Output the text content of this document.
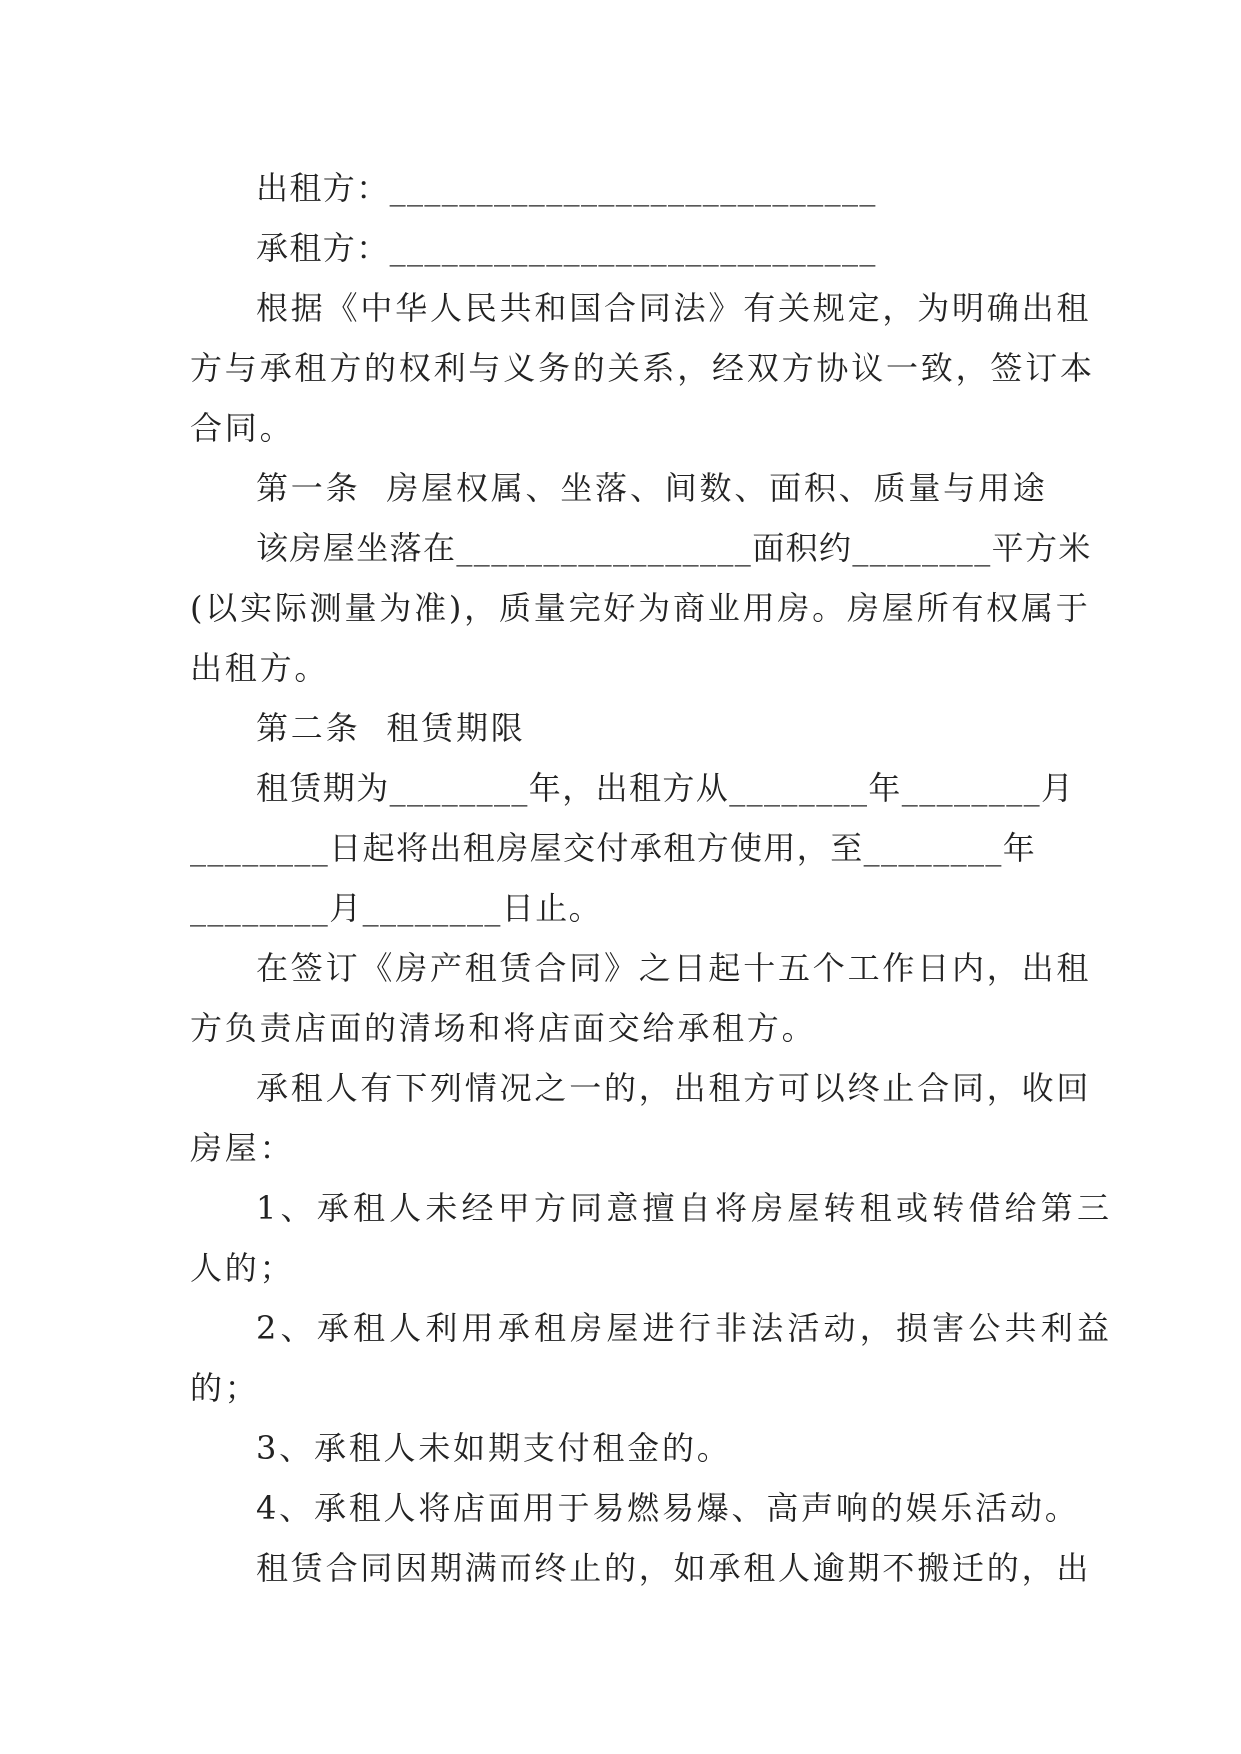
出租方：____________________________
承租方：____________________________
根据《中华人民共和国合同法》有关规定，为明确出租
方与承租方的权利与义务的关系，经双方协议一致，签订本
合同。
第一条  房屋权属、坐落、间数、面积、质量与用途
该房屋坐落在_________________面积约________平方米
(以实际测量为准)，质量完好为商业用房。房屋所有权属于
出租方。
第二条  租赁期限
租赁期为________年，出租方从________年________月
________日起将出租房屋交付承租方使用，至________年
________月________日止。
在签订《房产租赁合同》之日起十五个工作日内，出租
方负责店面的清场和将店面交给承租方。
承租人有下列情况之一的，出租方可以终止合同，收回
房屋：
1、承租人未经甲方同意擅自将房屋转租或转借给第三
人的；
2、承租人利用承租房屋进行非法活动，损害公共利益
的；
3、承租人未如期支付租金的。
4、承租人将店面用于易燃易爆、高声响的娱乐活动。
租赁合同因期满而终止的，如承租人逾期不搬迁的，出
